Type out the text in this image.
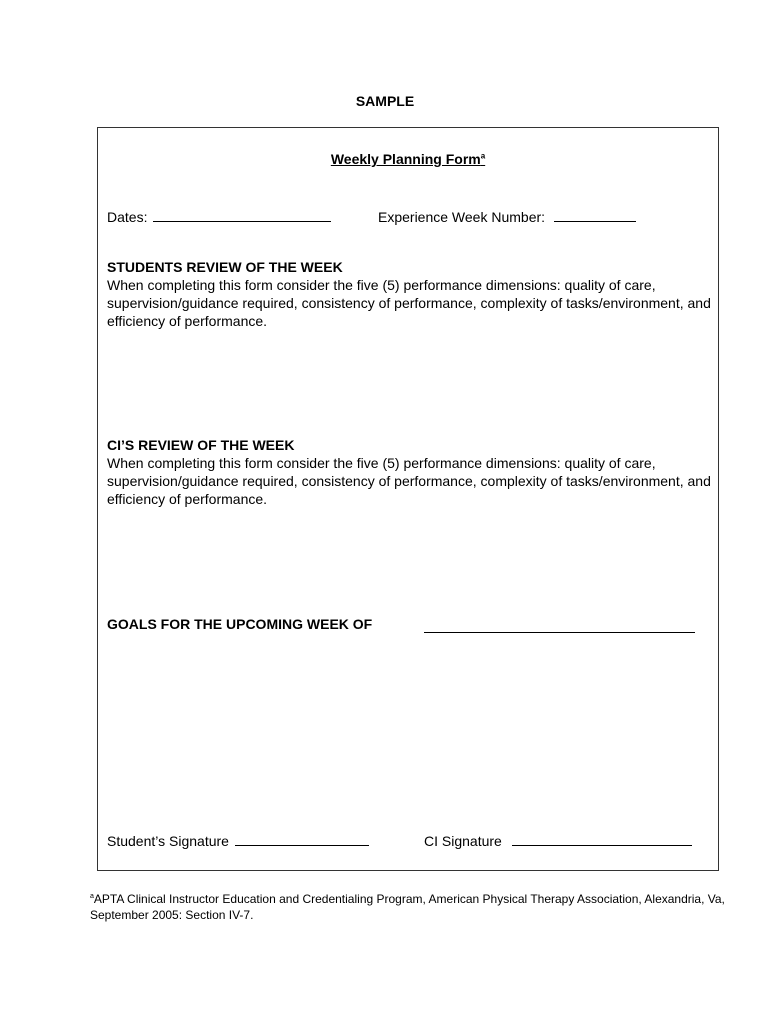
SAMPLE
Weekly Planning Form$^a$
Dates:	Experience Week Number:
STUDENTS REVIEW OF THE WEEK
When completing this form consider the five (5) performance dimensions: quality of care, supervision/guidance required, consistency of performance, complexity of tasks/environment, and efficiency of performance.
CI’S REVIEW OF THE WEEK
When completing this form consider the five (5) performance dimensions: quality of care, supervision/guidance required, consistency of performance, complexity of tasks/environment, and efficiency of performance.
GOALS FOR THE UPCOMING WEEK OF
Student’s Signature	CI Signature
$^a$APTA Clinical Instructor Education and Credentialing Program, American Physical Therapy Association, Alexandria, Va, September 2005: Section IV-7.
